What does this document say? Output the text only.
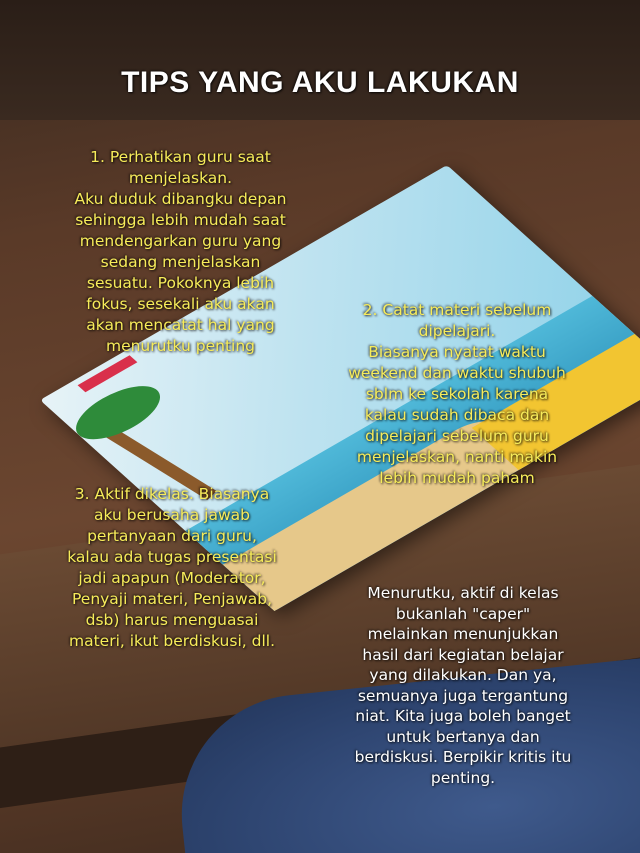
TIPS YANG AKU LAKUKAN
1. Perhatikan guru saat
menjelaskan.
Aku duduk dibangku depan
sehingga lebih mudah saat
mendengarkan guru yang
sedang menjelaskan
sesuatu. Pokoknya lebih
fokus, sesekali aku akan
akan mencatat hal yang
menurutku penting
2. Catat materi sebelum
dipelajari.
Biasanya nyatat waktu
weekend dan waktu shubuh
sblm ke sekolah karena
kalau sudah dibaca dan
dipelajari sebelum guru
menjelaskan, nanti makin
lebih mudah paham
3. Aktif dikelas. Biasanya
aku berusaha jawab
pertanyaan dari guru,
kalau ada tugas presentasi
jadi apapun (Moderator,
Penyaji materi, Penjawab,
dsb) harus menguasai
materi, ikut berdiskusi, dll.
Menurutku, aktif di kelas
bukanlah "caper"
melainkan menunjukkan
hasil dari kegiatan belajar
yang dilakukan. Dan ya,
semuanya juga tergantung
niat. Kita juga boleh banget
untuk bertanya dan
berdiskusi. Berpikir kritis itu
penting.
